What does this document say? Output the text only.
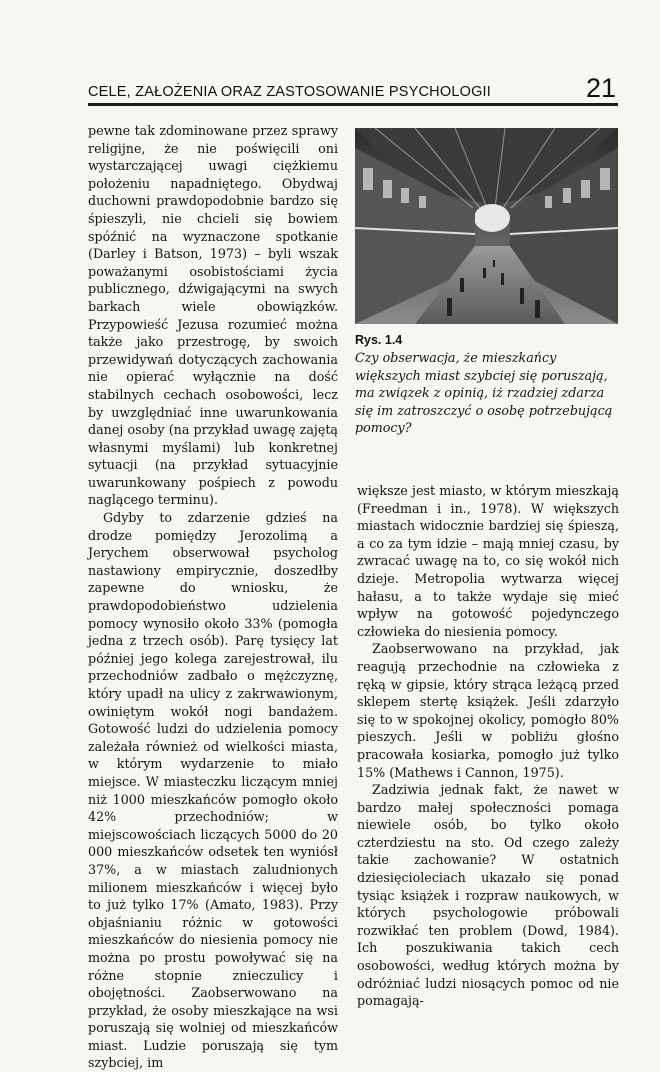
CELE, ZAŁOŻENIA ORAZ ZASTOSOWANIE PSYCHOLOGII	21

pewne tak zdominowane przez sprawy religijne, że nie poświęcili oni wystarczającej uwagi ciężkiemu położeniu napadniętego. Obydwaj duchowni prawdopodobnie bardzo się śpieszyli, nie chcieli się bowiem spóźnić na wyznaczone spotkanie (Darley i Batson, 1973) – byli wszak poważanymi osobistościami życia publicznego, dźwigającymi na swych barkach wiele obowiązków. Przypowieść Jezusa rozumieć można także jako przestrogę, by swoich przewidywań dotyczących zachowania nie opierać wyłącznie na dość stabilnych cechach osobowości, lecz by uwzględniać inne uwarunkowania danej osoby (na przykład uwagę zajętą własnymi myślami) lub konkretnej sytuacji (na przykład sytuacyjnie uwarunkowany pośpiech z powodu naglącego terminu).

Gdyby to zdarzenie gdzieś na drodze pomiędzy Jerozolimą a Jerychem obserwował psycholog nastawiony empirycznie, doszedłby zapewne do wniosku, że prawdopodobieństwo udzielenia pomocy wynosiło około 33% (pomogła jedna z trzech osób). Parę tysięcy lat później jego kolega zarejestrował, ilu przechodniów zadbało o mężczyznę, który upadł na ulicy z zakrwawionym, owiniętym wokół nogi bandażem. Gotowość ludzi do udzielenia pomocy zależała również od wielkości miasta, w którym wydarzenie to miało miejsce. W miasteczku liczącym mniej niż 1000 mieszkańców pomogło około 42% przechodniów; w miejscowościach liczących 5000 do 20 000 mieszkańców odsetek ten wyniósł 37%, a w miastach zaludnionych milionem mieszkańców i więcej było to już tylko 17% (Amato, 1983). Przy objaśnianiu różnic w gotowości mieszkańców do niesienia pomocy nie można po prostu powoływać się na różne stopnie znieczulicy i obojętności. Zaobserwowano na przykład, że osoby mieszkające na wsi poruszają się wolniej od mieszkańców miast. Ludzie poruszają się tym szybciej, im

Rys. 1.4
Czy obserwacja, że mieszkańcy większych miast szybciej się poruszają, ma związek z opinią, iż rzadziej zdarza się im zatroszczyć o osobę potrzebującą pomocy?

większe jest miasto, w którym mieszkają (Freedman i in., 1978). W większych miastach widocznie bardziej się śpieszą, a co za tym idzie – mają mniej czasu, by zwracać uwagę na to, co się wokół nich dzieje. Metropolia wytwarza więcej hałasu, a to także wydaje się mieć wpływ na gotowość pojedynczego człowieka do niesienia pomocy.

Zaobserwowano na przykład, jak reagują przechodnie na człowieka z ręką w gipsie, który strąca leżącą przed sklepem stertę książek. Jeśli zdarzyło się to w spokojnej okolicy, pomogło 80% pieszych. Jeśli w pobliżu głośno pracowała kosiarka, pomogło już tylko 15% (Mathews i Cannon, 1975).

Zadziwia jednak fakt, że nawet w bardzo małej społeczności pomaga niewiele osób, bo tylko około czterdziestu na sto. Od czego zależy takie zachowanie? W ostatnich dziesięcioleciach ukazało się ponad tysiąc książek i rozpraw naukowych, w których psychologowie próbowali rozwikłać ten problem (Dowd, 1984). Ich poszukiwania takich cech osobowości, według których można by odróżniać ludzi niosących pomoc od nie pomagają-
